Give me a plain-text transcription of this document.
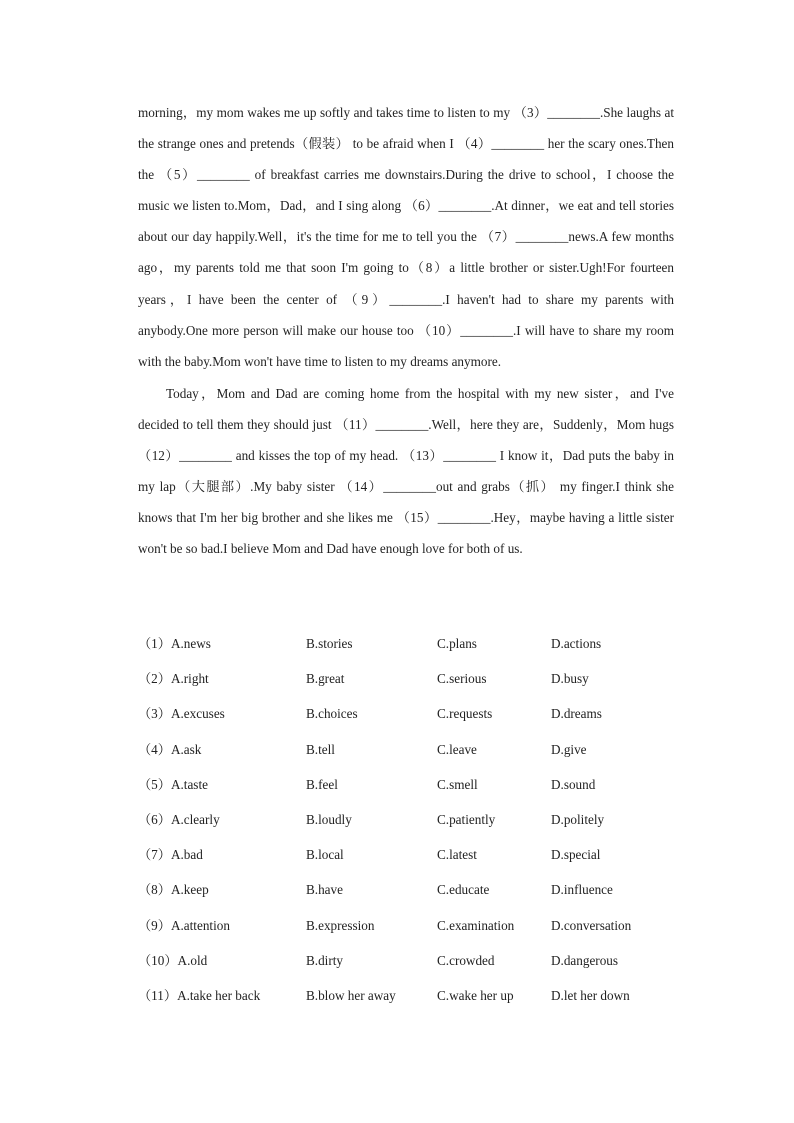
morning，my mom wakes me up softly and takes time to listen to my （3）________.She laughs at the strange ones and pretends（假装） to be afraid when I （4）________ her the scary ones.Then the （5）________ of breakfast carries me downstairs.During the drive to school，I choose the music we listen to.Mom，Dad，and I sing along （6）________.At dinner，we eat and tell stories about our day happily.Well，it's the time for me to tell you the （7）________news.A few months ago，my parents told me that soon I'm going to（8）a little brother or sister.Ugh!For fourteen years，I have been the center of （9）________.I haven't had to share my parents with anybody.One more person will make our house too （10）________.I will have to share my room with the baby.Mom won't have time to listen to my dreams anymore.

Today，Mom and Dad are coming home from the hospital with my new sister，and I've decided to tell them they should just （11）________.Well，here they are，Suddenly，Mom hugs （12）________ and kisses the top of my head. （13）________ I know it，Dad puts the baby in my lap（大腿部）.My baby sister （14）________out and grabs（抓） my finger.I think she knows that I'm her big brother and she likes me （15）________.Hey，maybe having a little sister won't be so bad.I believe Mom and Dad have enough love for both of us.

（1）A.news	B.stories	C.plans	D.actions
（2）A.right	B.great	C.serious	D.busy
（3）A.excuses	B.choices	C.requests	D.dreams
（4）A.ask	B.tell	C.leave	D.give
（5）A.taste	B.feel	C.smell	D.sound
（6）A.clearly	B.loudly	C.patiently	D.politely
（7）A.bad	B.local	C.latest	D.special
（8）A.keep	B.have	C.educate	D.influence
（9）A.attention	B.expression	C.examination	D.conversation
（10）A.old	B.dirty	C.crowded	D.dangerous
（11）A.take her back	B.blow her away	C.wake her up	D.let her down
